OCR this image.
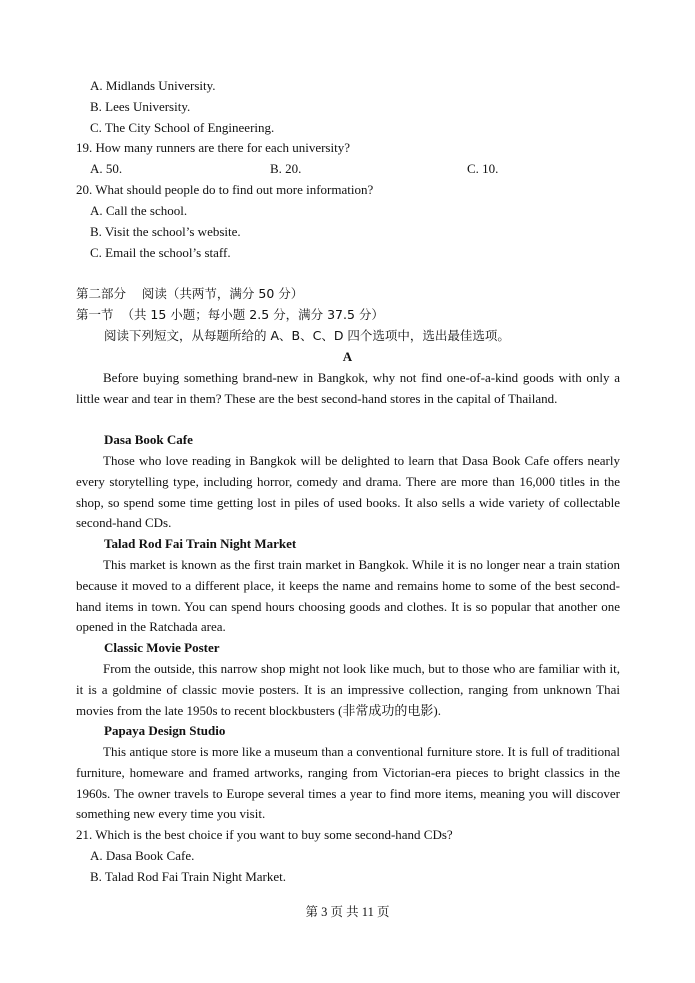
A. Midlands University.
B. Lees University.
C. The City School of Engineering.
19. How many runners are there for each university?
A. 50.	B. 20.	C. 10.
20. What should people do to find out more information?
A. Call the school.
B. Visit the school’s website.
C. Email the school’s staff.
第二部分    阅读（共两节，满分 50 分）
第一节  （共 15 小题；每小题 2.5 分，满分 37.5 分）
阅读下列短文，从每题所给的 A、B、C、D 四个选项中，选出最佳选项。
A

Before buying something brand-new in Bangkok, why not find one-of-a-kind goods with only a little wear and tear in them? These are the best second-hand stores in the capital of Thailand.

Dasa Book Cafe

Those who love reading in Bangkok will be delighted to learn that Dasa Book Cafe offers nearly every storytelling type, including horror, comedy and drama. There are more than 16,000 titles in the shop, so spend some time getting lost in piles of used books. It also sells a wide variety of collectable second-hand CDs.

Talad Rod Fai Train Night Market

This market is known as the first train market in Bangkok. While it is no longer near a train station because it moved to a different place, it keeps the name and remains home to some of the best second-hand items in town. You can spend hours choosing goods and clothes. It is so popular that another one opened in the Ratchada area.

Classic Movie Poster

From the outside, this narrow shop might not look like much, but to those who are familiar with it, it is a goldmine of classic movie posters. It is an impressive collection, ranging from unknown Thai movies from the late 1950s to recent blockbusters (非常成功的电影).

Papaya Design Studio

This antique store is more like a museum than a conventional furniture store. It is full of traditional furniture, homeware and framed artworks, ranging from Victorian-era pieces to bright classics in the 1960s. The owner travels to Europe several times a year to find more items, meaning you will discover something new every time you visit.

21. Which is the best choice if you want to buy some second-hand CDs?
A. Dasa Book Cafe.
B. Talad Rod Fai Train Night Market.
第 3 页 共 11 页
